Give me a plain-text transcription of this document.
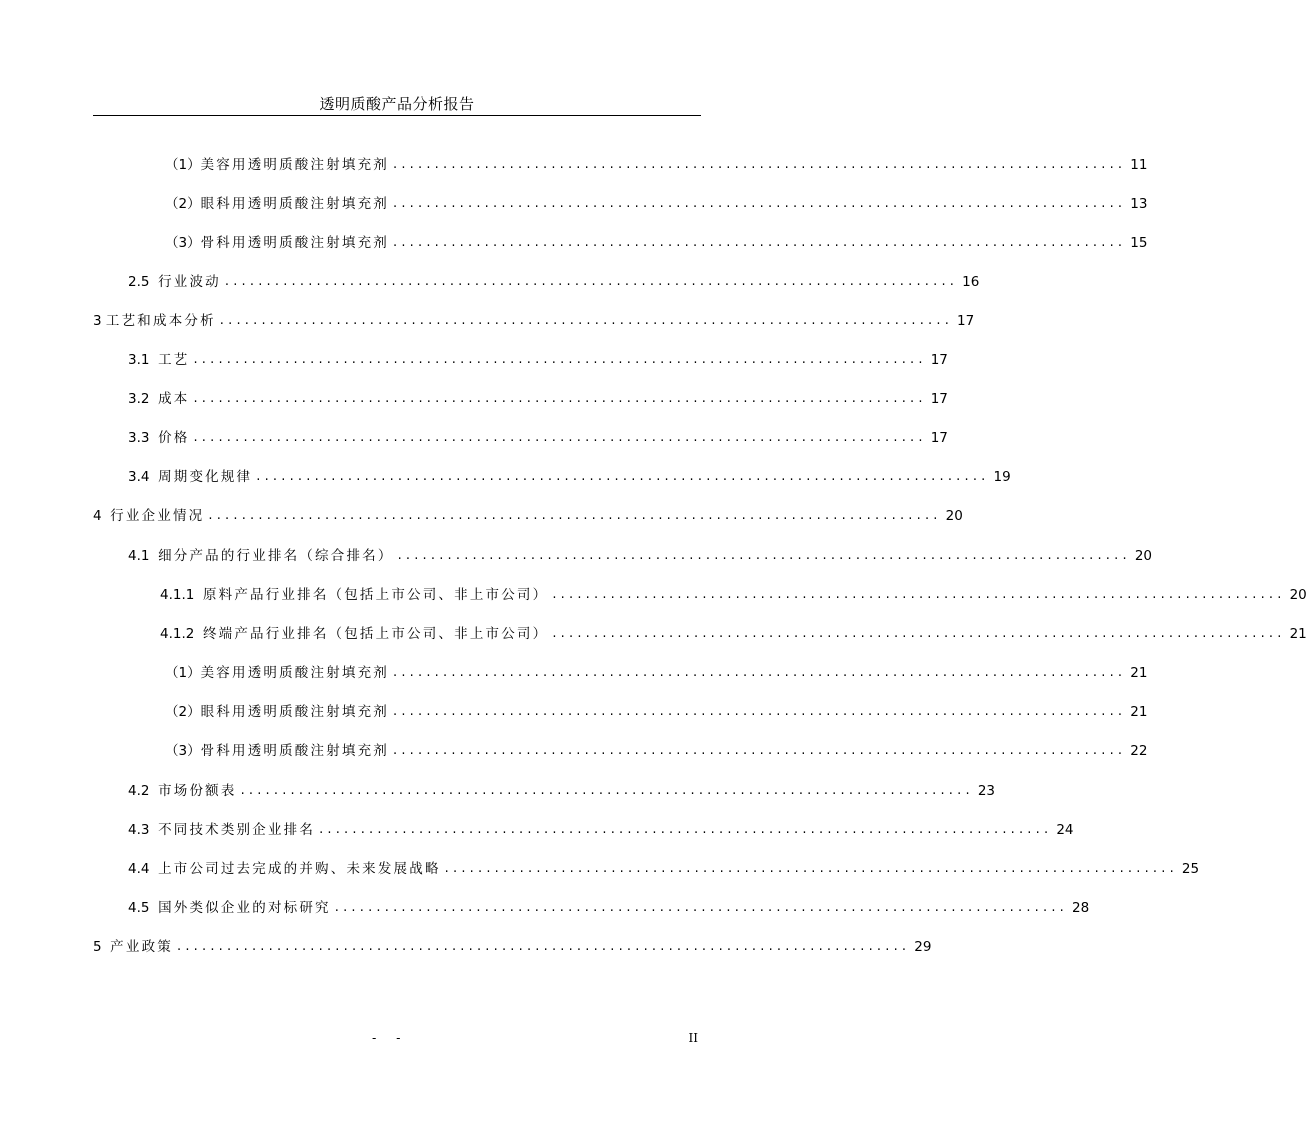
透明质酸产品分析报告
（1） 美容用透明质酸注射填充剂 ........................................................................................ 11
（2） 眼科用透明质酸注射填充剂 ........................................................................................ 13
（3） 骨科用透明质酸注射填充剂 ........................................................................................ 15
2.5 行业波动 ........................................................................................ 16
3 工艺和成本分析 ........................................................................................ 17
3.1 工艺 ........................................................................................ 17
3.2 成本 ........................................................................................ 17
3.3 价格 ........................................................................................ 17
3.4 周期变化规律 ........................................................................................ 19
4 行业企业情况 ........................................................................................ 20
4.1 细分产品的行业排名（综合排名） ........................................................................................ 20
4.1.1 原料产品行业排名（包括上市公司、非上市公司） ........................................................................................ 20
4.1.2 终端产品行业排名（包括上市公司、非上市公司） ........................................................................................ 21
（1） 美容用透明质酸注射填充剂 ........................................................................................ 21
（2） 眼科用透明质酸注射填充剂 ........................................................................................ 21
（3） 骨科用透明质酸注射填充剂 ........................................................................................ 22
4.2 市场份额表 ........................................................................................ 23
4.3 不同技术类别企业排名 ........................................................................................ 24
4.4 上市公司过去完成的并购、未来发展战略 ........................................................................................ 25
4.5 国外类似企业的对标研究 ........................................................................................ 28
5 产业政策 ........................................................................................ 29
- -	II
